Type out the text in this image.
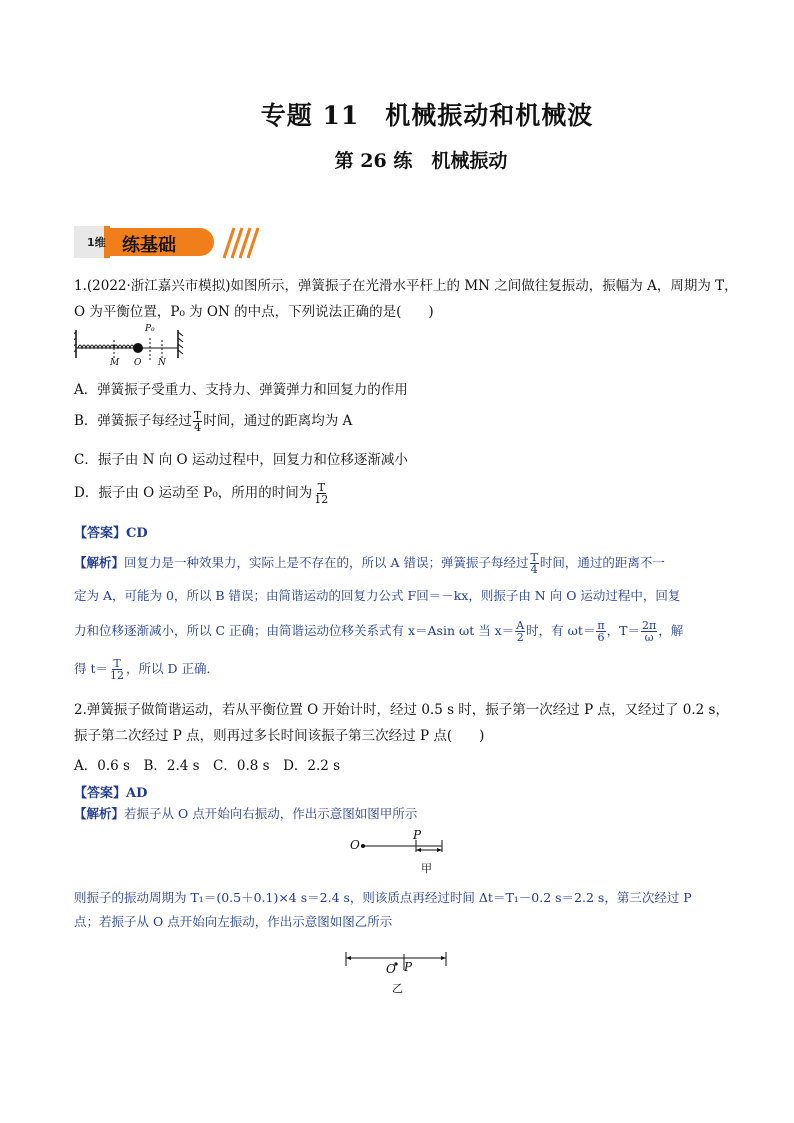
专题 11　机械振动和机械波
第 26 练　机械振动
1维 练基础
1.(2022·浙江嘉兴市模拟)如图所示，弹簧振子在光滑水平杆上的 MN 之间做往复振动，振幅为 A，周期为 T，
O 为平衡位置，P₀ 为 ON 的中点，下列说法正确的是(　　)
P₀
M O N
A．弹簧振子受重力、支持力、弹簧弹力和回复力的作用
B．弹簧振子每经过 $\frac{T}{4}$ 时间，通过的距离均为 A
C．振子由 N 向 O 运动过程中，回复力和位移逐渐减小
D．振子由 O 运动至 P₀，所用的时间为 $\frac{T}{12}$
【答案】CD
【解析】回复力是一种效果力，实际上是不存在的，所以 A 错误；弹簧振子每经过 $\frac{T}{4}$ 时间，通过的距离不一
定为 A，可能为 0，所以 B 错误；由简谐运动的回复力公式 F回＝－kx，则振子由 N 向 O 运动过程中，回复
力和位移逐渐减小，所以 C 正确；由简谐运动位移关系式有 x＝Asin ωt 当 $x= \frac{A}{2}$ 时，有 $\omega t= \frac{\pi}{6}$ ，$T= \frac{2\pi}{\omega}$ ，解
得 $t= \frac{T}{12}$ ，所以 D 正确．
2.弹簧振子做简谐运动，若从平衡位置 O 开始计时，经过 0.5 s 时，振子第一次经过 P 点，又经过了 0.2 s，
振子第二次经过 P 点，则再过多长时间该振子第三次经过 P 点(　　)
A．0.6 s　B．2.4 s　C．0.8 s　D．2.2 s
【答案】AD
【解析】若振子从 O 点开始向右振动，作出示意图如图甲所示
O
P
甲
则振子的振动周期为 T₁＝(0.5＋0.1)×4 s＝2.4 s，则该质点再经过时间 Δt＝T₁－0.2 s＝2.2 s，第三次经过 P
点；若振子从 O 点开始向左振动，作出示意图如图乙所示
O P
乙
